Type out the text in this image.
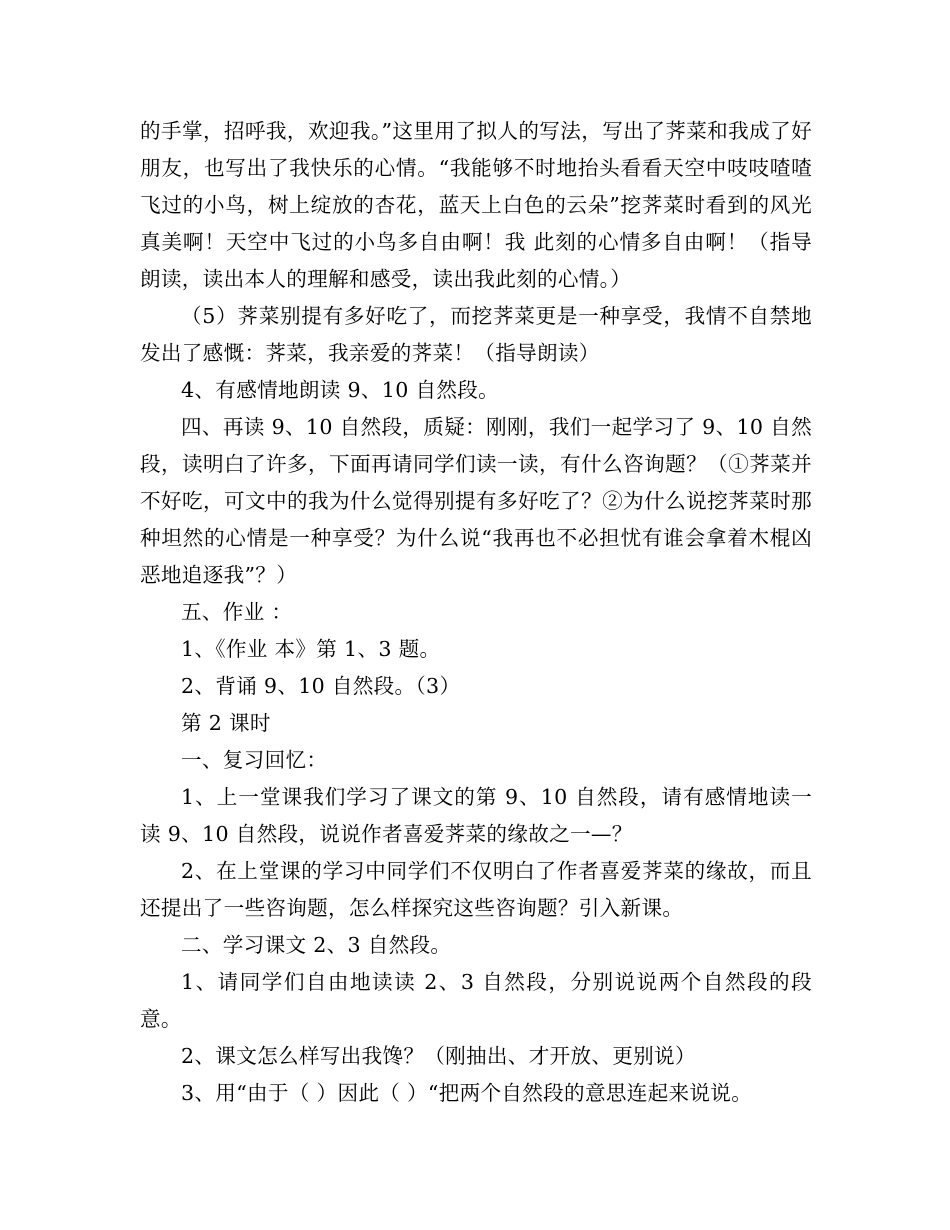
的手掌，招呼我，欢迎我。”这里用了拟人的写法，写出了荠菜和我成了好朋友，也写出了我快乐的心情。“我能够不时地抬头看看天空中吱吱喳喳飞过的小鸟，树上绽放的杏花，蓝天上白色的云朵”挖荠菜时看到的风光真美啊！天空中飞过的小鸟多自由啊！我 此刻的心情多自由啊！（指导朗读，读出本人的理解和感受，读出我此刻的心情。）

（5）荠菜别提有多好吃了，而挖荠菜更是一种享受，我情不自禁地发出了感慨：荠菜，我亲爱的荠菜！（指导朗读）

4、有感情地朗读 9、10 自然段。

四、再读 9、10 自然段，质疑：刚刚，我们一起学习了 9、10 自然段，读明白了许多，下面再请同学们读一读，有什么咨询题？（①荠菜并不好吃，可文中的我为什么觉得别提有多好吃了？②为什么说挖荠菜时那种坦然的心情是一种享受？为什么说“我再也不必担忧有谁会拿着木棍凶恶地追逐我”？）

五、作业 ：

1、《作业 本》第 1、3 题。

2、背诵 9、10 自然段。（3）

第 2 课时

一、复习回忆：

1、上一堂课我们学习了课文的第 9、10 自然段，请有感情地读一读 9、10 自然段，说说作者喜爱荠菜的缘故之一—？

2、在上堂课的学习中同学们不仅明白了作者喜爱荠菜的缘故，而且还提出了一些咨询题，怎么样探究这些咨询题？引入新课。

二、学习课文 2、3 自然段。

1、请同学们自由地读读 2、3 自然段，分别说说两个自然段的段意。

2、课文怎么样写出我馋？（刚抽出、才开放、更别说）

3、用“由于（ ）因此（ ）“把两个自然段的意思连起来说说。
